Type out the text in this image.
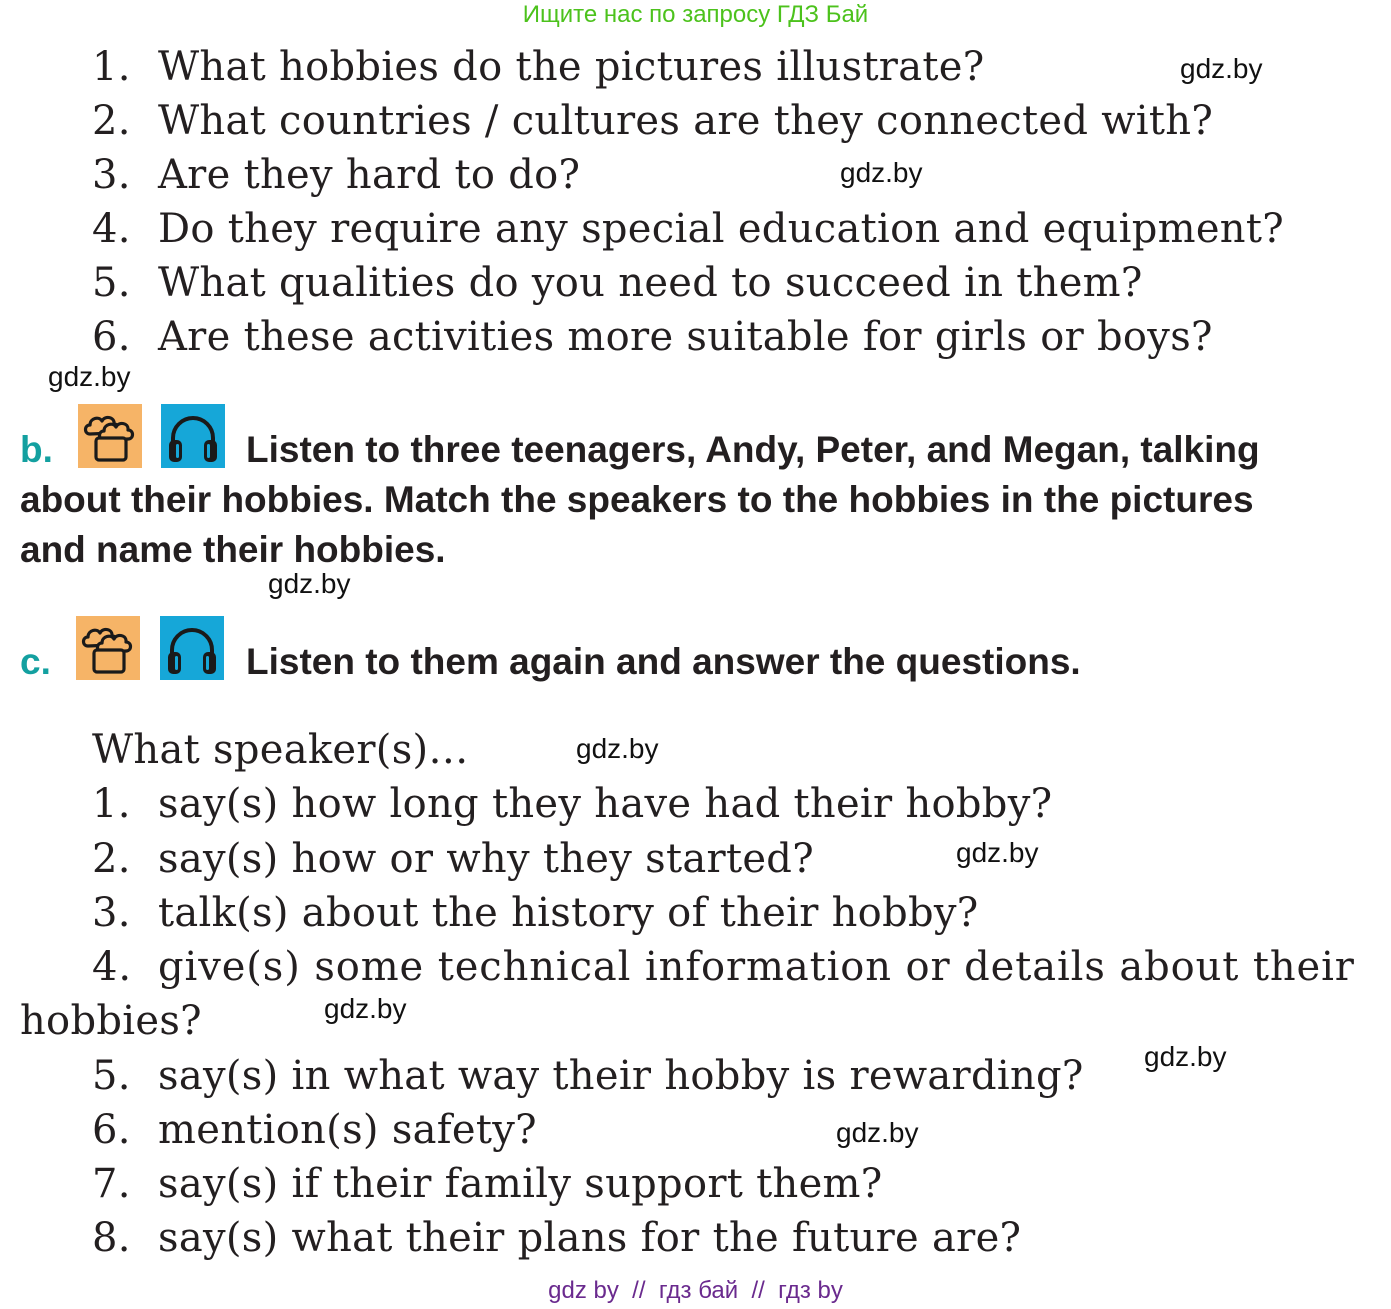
Ищите нас по запросу ГДЗ Бай
1. What hobbies do the pictures illustrate?
2. What countries / cultures are they connected with?
3. Are they hard to do?
4. Do they require any special education and equipment?
5. What qualities do you need to succeed in them?
6. Are these activities more suitable for girls or boys?
gdz.by
gdz.by
gdz.by
gdz.by
gdz.by
gdz.by
gdz.by
gdz.by
gdz.by
b.	Listen to three teenagers, Andy, Peter, and Megan, talking
about their hobbies. Match the speakers to the hobbies in the pictures
and name their hobbies.
c.	Listen to them again and answer the questions.
What speaker(s)…
1. say(s) how long they have had their hobby?
2. say(s) how or why they started?
3. talk(s) about the history of their hobby?
4. give(s) some technical information or details about their
hobbies?
5. say(s) in what way their hobby is rewarding?
6. mention(s) safety?
7. say(s) if their family support them?
8. say(s) what their plans for the future are?
gdz by  //  гдз бай  //  гдз by
